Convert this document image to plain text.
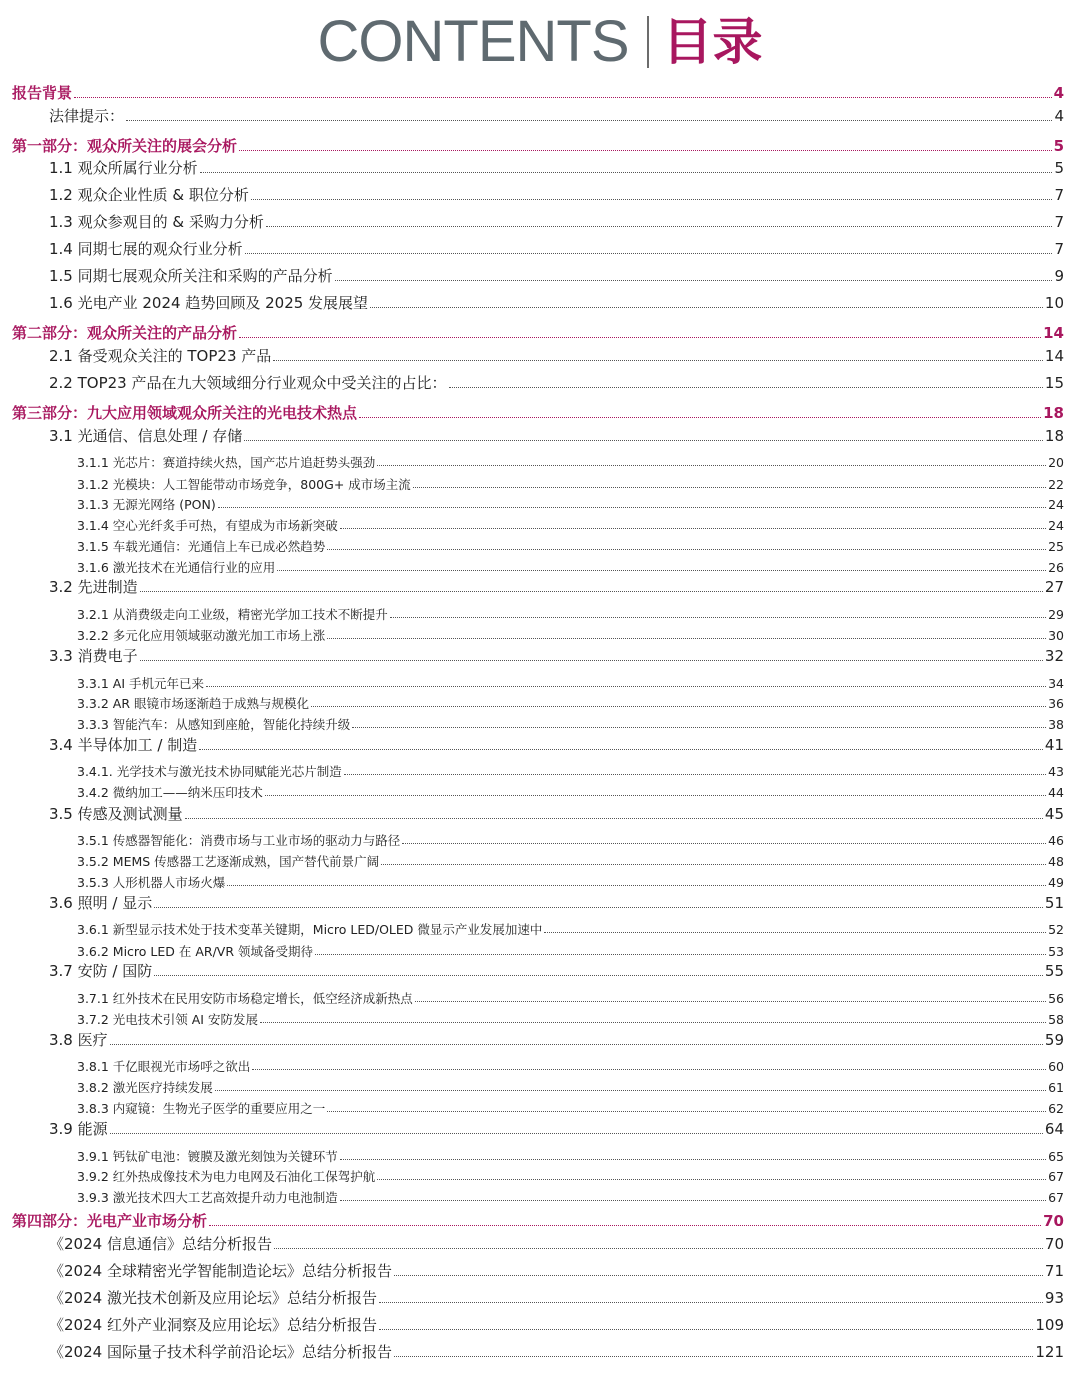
CONTENTS 目录
报告背景	4
法律提示：	4
第一部分：观众所关注的展会分析	5
1.1 观众所属行业分析	5
1.2 观众企业性质 & 职位分析	7
1.3 观众参观目的 & 采购力分析	7
1.4 同期七展的观众行业分析	7
1.5 同期七展观众所关注和采购的产品分析	9
1.6 光电产业 2024 趋势回顾及 2025 发展展望	10
第二部分：观众所关注的产品分析	14
2.1 备受观众关注的 TOP23 产品	14
2.2 TOP23 产品在九大领域细分行业观众中受关注的占比：	15
第三部分：九大应用领域观众所关注的光电技术热点	18
3.1 光通信、信息处理 / 存储	18
3.1.1 光芯片：赛道持续火热，国产芯片追赶势头强劲	20
3.1.2 光模块：人工智能带动市场竞争，800G+ 成市场主流	22
3.1.3 无源光网络 (PON)	24
3.1.4 空心光纤炙手可热，有望成为市场新突破	24
3.1.5 车载光通信：光通信上车已成必然趋势	25
3.1.6 激光技术在光通信行业的应用	26
3.2 先进制造	27
3.2.1 从消费级走向工业级，精密光学加工技术不断提升	29
3.2.2 多元化应用领域驱动激光加工市场上涨	30
3.3 消费电子	32
3.3.1 AI 手机元年已来	34
3.3.2 AR 眼镜市场逐渐趋于成熟与规模化	36
3.3.3 智能汽车：从感知到座舱，智能化持续升级	38
3.4 半导体加工 / 制造	41
3.4.1. 光学技术与激光技术协同赋能光芯片制造	43
3.4.2 微纳加工——纳米压印技术	44
3.5 传感及测试测量	45
3.5.1 传感器智能化：消费市场与工业市场的驱动力与路径	46
3.5.2 MEMS 传感器工艺逐渐成熟，国产替代前景广阔	48
3.5.3 人形机器人市场火爆	49
3.6 照明 / 显示	51
3.6.1 新型显示技术处于技术变革关键期，Micro LED/OLED 微显示产业发展加速中	52
3.6.2 Micro LED 在 AR/VR 领域备受期待	53
3.7 安防 / 国防	55
3.7.1 红外技术在民用安防市场稳定增长，低空经济成新热点	56
3.7.2 光电技术引领 AI 安防发展	58
3.8 医疗	59
3.8.1 千亿眼视光市场呼之欲出	60
3.8.2 激光医疗持续发展	61
3.8.3 内窥镜：生物光子医学的重要应用之一	62
3.9 能源	64
3.9.1 钙钛矿电池：镀膜及激光刻蚀为关键环节	65
3.9.2 红外热成像技术为电力电网及石油化工保驾护航	67
3.9.3 激光技术四大工艺高效提升动力电池制造	67
第四部分：光电产业市场分析	70
《2024 信息通信》总结分析报告	70
《2024 全球精密光学智能制造论坛》总结分析报告	71
《2024 激光技术创新及应用论坛》总结分析报告	93
《2024 红外产业洞察及应用论坛》总结分析报告	109
《2024 国际量子技术科学前沿论坛》总结分析报告	121
